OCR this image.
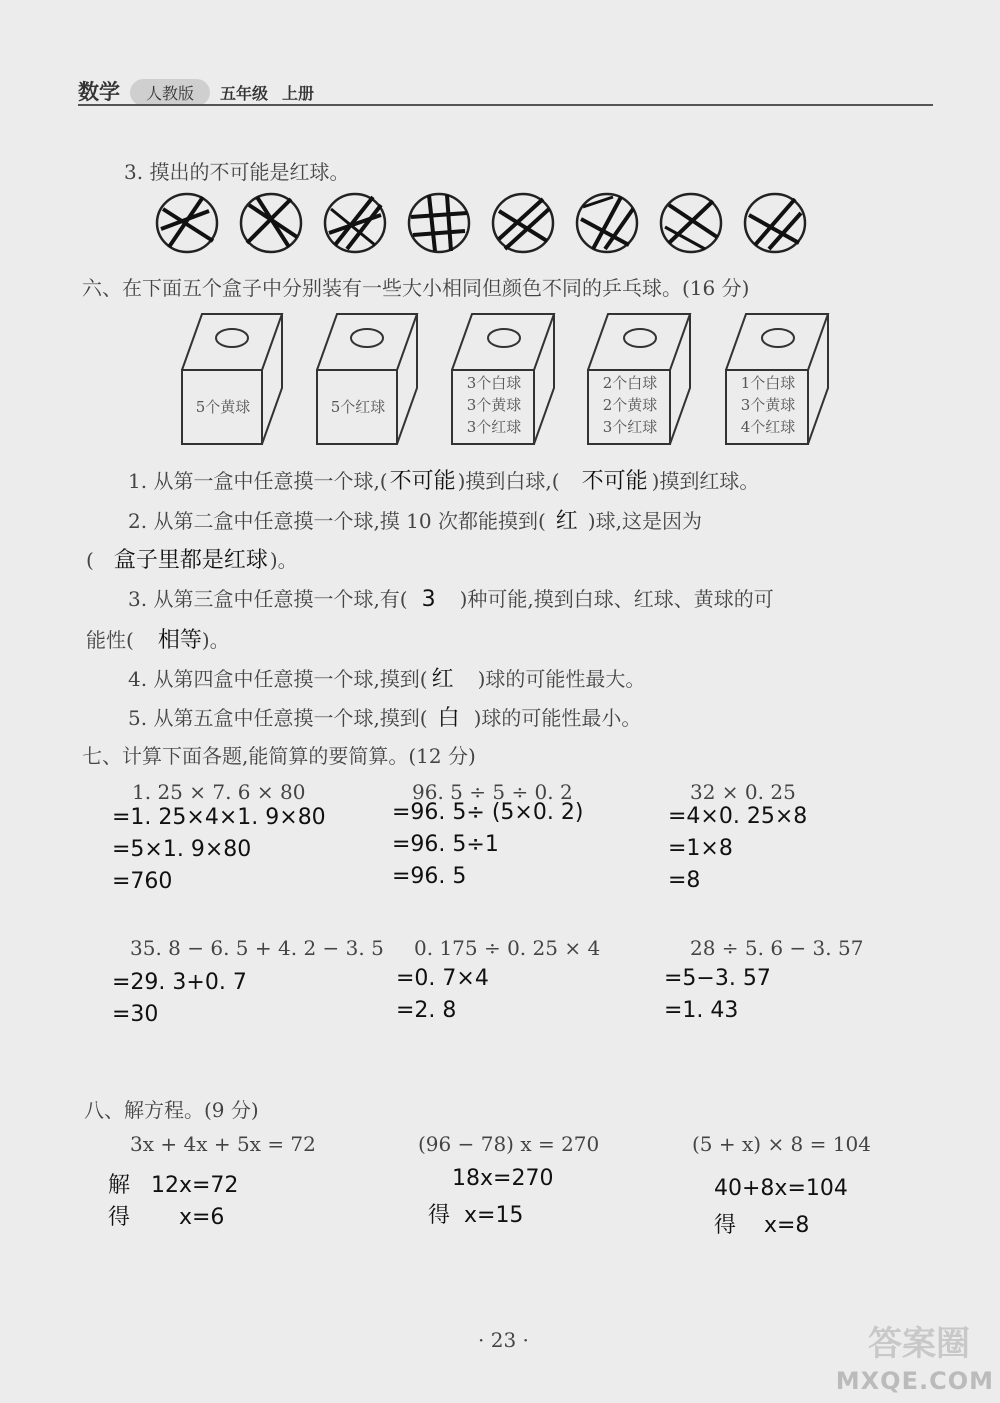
数学 人教版 五年级 上册
3. 摸出的不可能是红球。
六、在下面五个盒子中分别装有一些大小相同但颜色不同的乒乓球。(16 分)
5个黄球	5个红球
3个白球
3个黄球
3个红球
2个白球
2个黄球
3个红球
1个白球
3个黄球
4个红球
1. 从第一盒中任意摸一个球,(不可能 )摸到白球,( 不可能 )摸到红球。
2. 从第二盒中任意摸一个球,摸 10 次都能摸到( 红 )球,这是因为
( 盒子里都是红球 )。
3. 从第三盒中任意摸一个球,有( 3 )种可能,摸到白球、红球、黄球的可
能性( 相等)。
4. 从第四盒中任意摸一个球,摸到( 红 )球的可能性最大。
5. 从第五盒中任意摸一个球,摸到( 白 )球的可能性最小。
七、计算下面各题,能简算的要简算。(12 分)
1. 25 × 7. 6 × 80
=1. 25×4×1. 9×80
=5×1. 9×80
=760
96. 5 ÷ 5 ÷ 0. 2
=96. 5÷ (5×0. 2)
=96. 5÷1
=96. 5
32 × 0. 25
=4×0. 25×8
=1×8
=8
35. 8 − 6. 5 + 4. 2 − 3. 5
=29. 3+0. 7
=30
0. 175 ÷ 0. 25 × 4
=0. 7×4
=2. 8
28 ÷ 5. 6 − 3. 57
=5−3. 57
=1. 43
八、解方程。(9 分)
3x + 4x + 5x = 72
解   12x=72
得       x=6
(96 − 78) x = 270
18x=270
得  x=15
(5 + x) × 8 = 104
40+8x=104
得    x=8
· 23 ·	答案圈
MXQE.COM
